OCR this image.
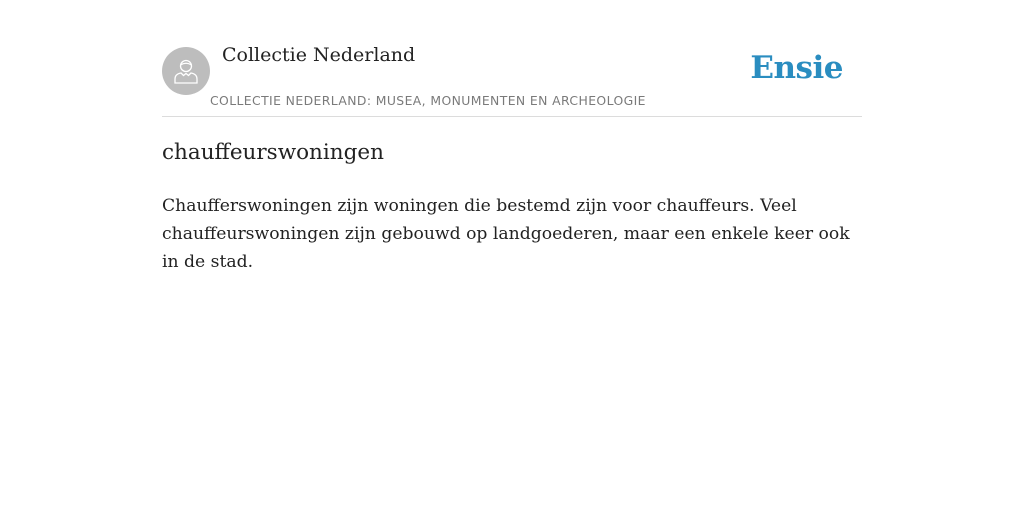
Collectie Nederland
COLLECTIE NEDERLAND: MUSEA, MONUMENTEN EN ARCHEOLOGIE
Ensie
chauffeurswoningen

Chaufferswoningen zijn woningen die bestemd zijn voor chauffeurs. Veel chauffeurswoningen zijn gebouwd op landgoederen, maar een enkele keer ook in de stad.
